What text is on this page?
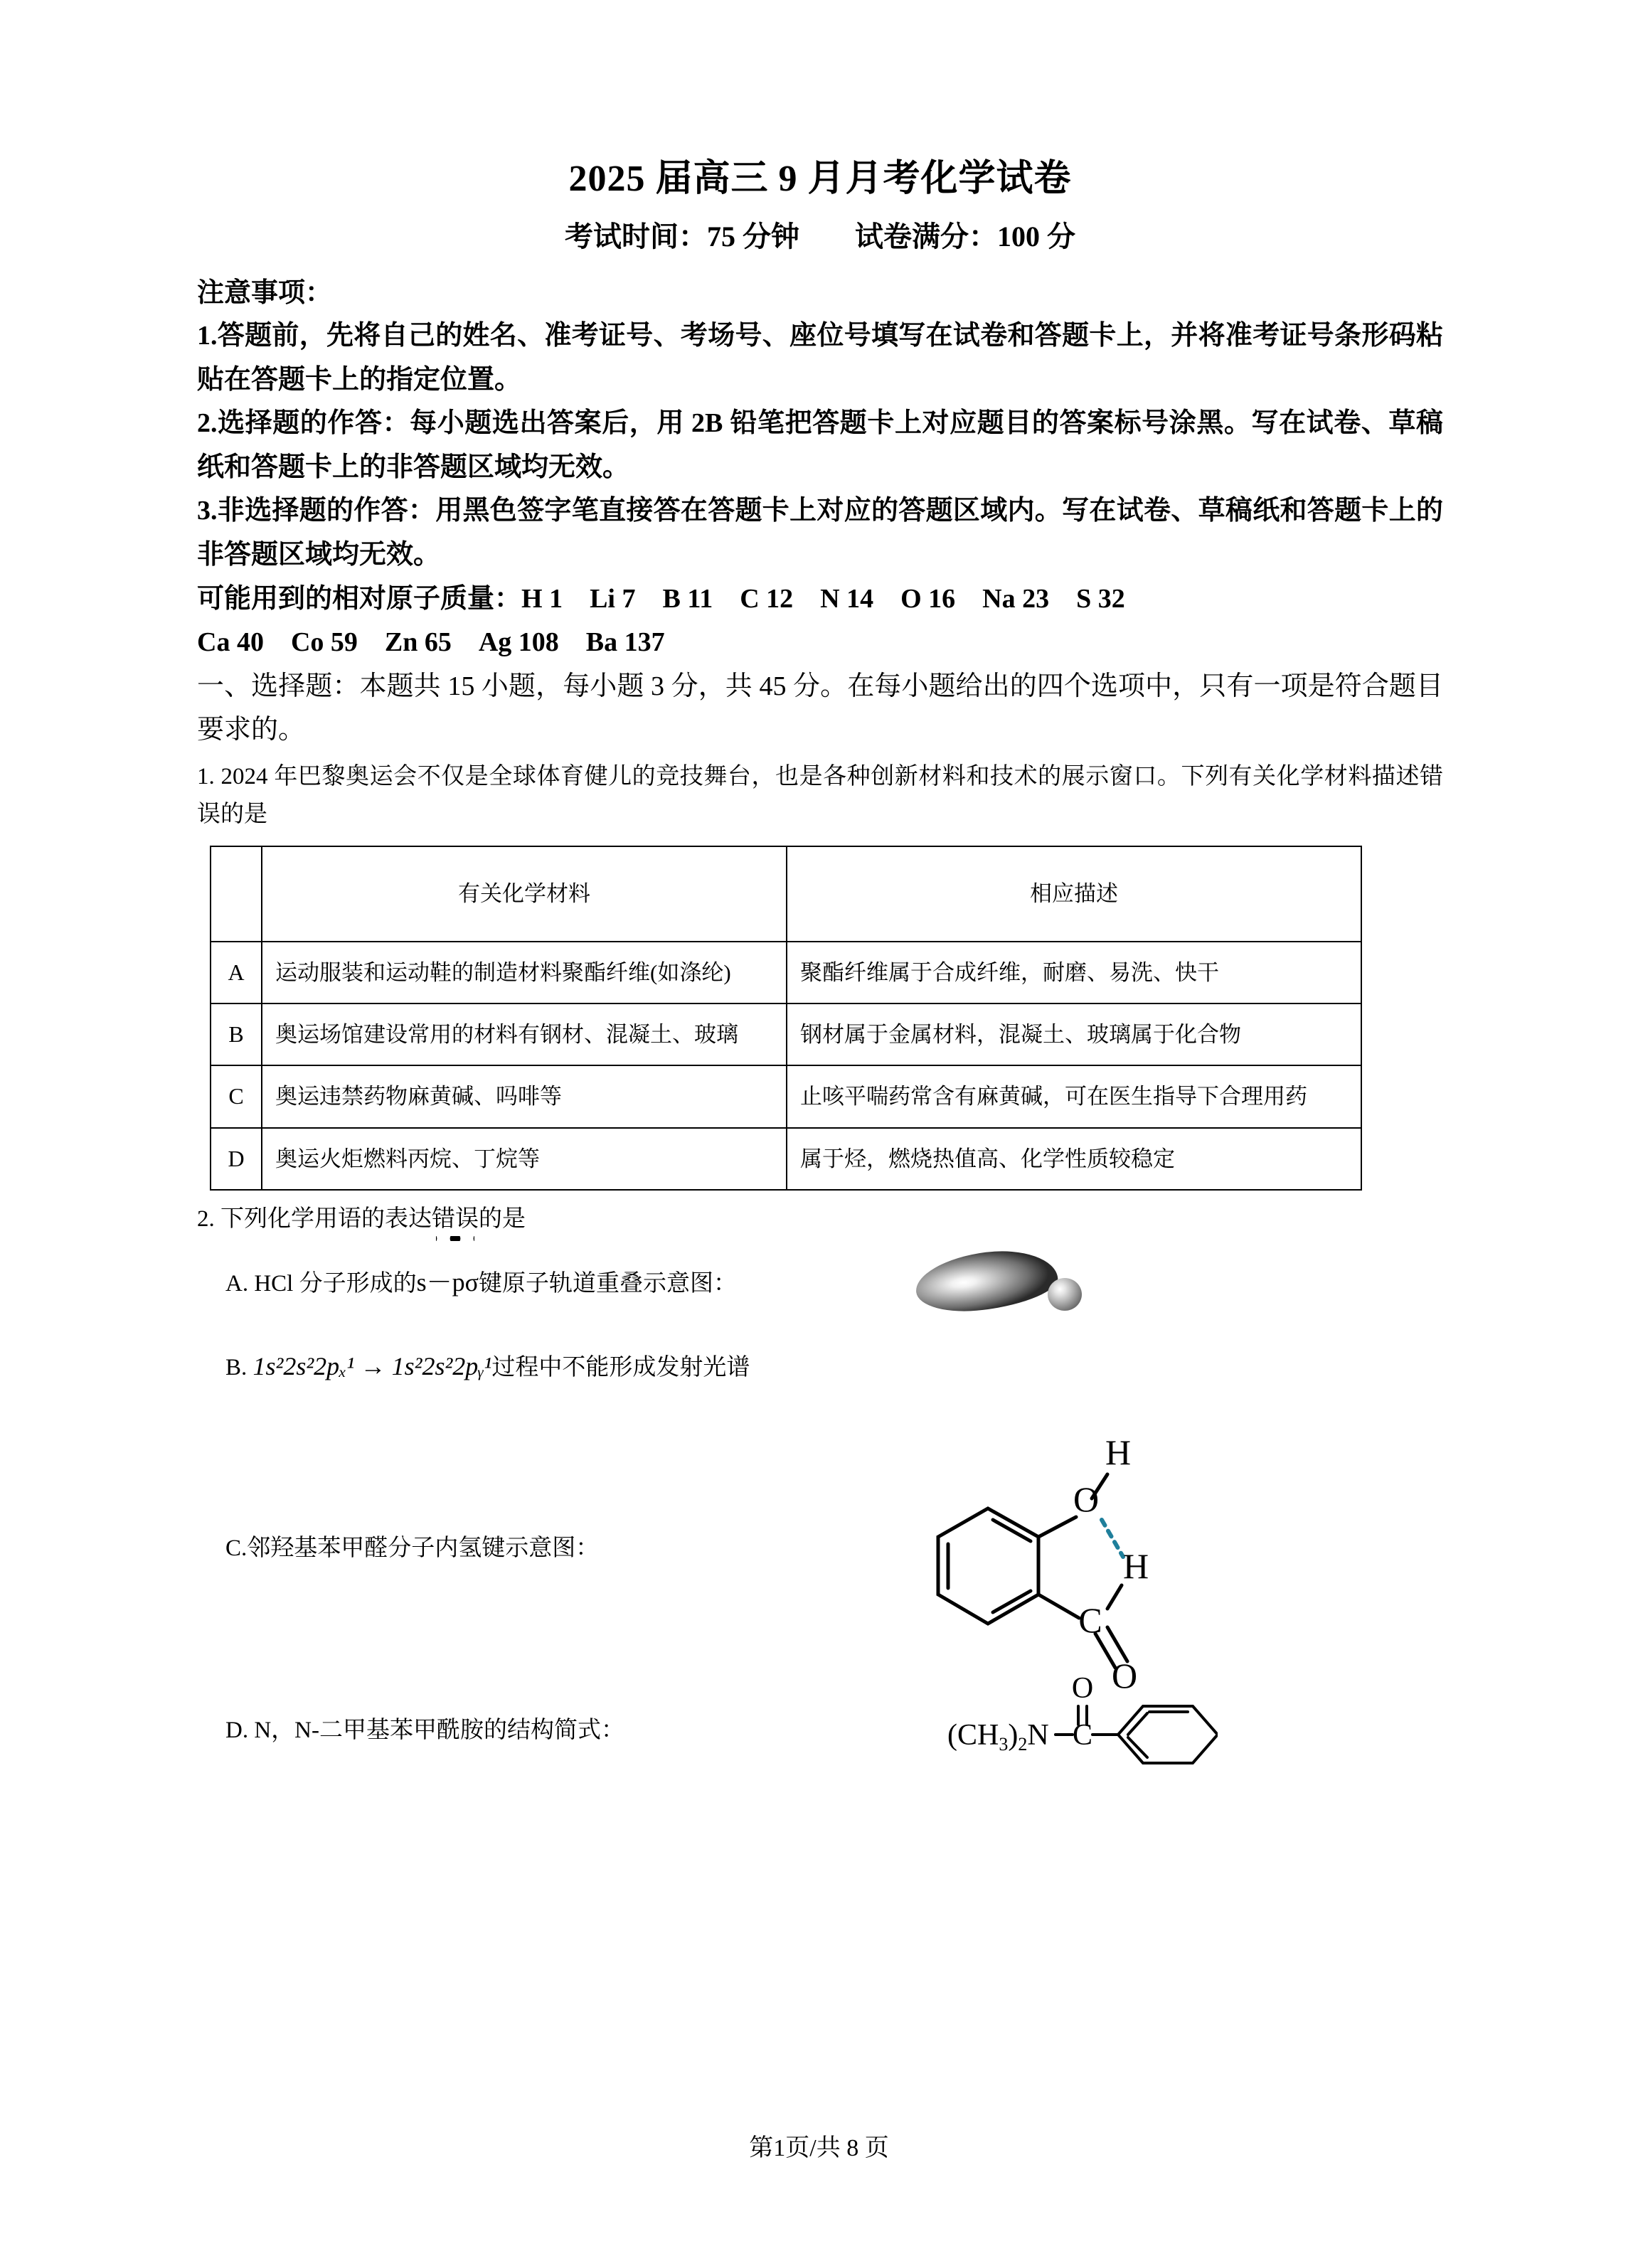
2025 届高三 9 月月考化学试卷
考试时间：75 分钟 试卷满分：100 分
注意事项：
1.答题前，先将自己的姓名、准考证号、考场号、座位号填写在试卷和答题卡上，并将准考证号条形码粘贴在答题卡上的指定位置。
2.选择题的作答：每小题选出答案后，用 2B 铅笔把答题卡上对应题目的答案标号涂黑。写在试卷、草稿纸和答题卡上的非答题区域均无效。
3.非选择题的作答：用黑色签字笔直接答在答题卡上对应的答题区域内。写在试卷、草稿纸和答题卡上的非答题区域均无效。
可能用到的相对原子质量：H 1　Li 7　B 11　C 12　N 14　O 16　Na 23　S 32
Ca 40　Co 59　Zn 65　Ag 108　Ba 137
一、选择题：本题共 15 小题，每小题 3 分，共 45 分。在每小题给出的四个选项中，只有一项是符合题目要求的。
1. 2024 年巴黎奥运会不仅是全球体育健儿的竞技舞台，也是各种创新材料和技术的展示窗口。下列有关化学材料描述错误的是
	有关化学材料	相应描述
A	运动服装和运动鞋的制造材料聚酯纤维(如涤纶)	聚酯纤维属于合成纤维，耐磨、易洗、快干
B	奥运场馆建设常用的材料有钢材、混凝土、玻璃	钢材属于金属材料，混凝土、玻璃属于化合物
C	奥运违禁药物麻黄碱、吗啡等	止咳平喘药常含有麻黄碱，可在医生指导下合理用药
D	奥运火炬燃料丙烷、丁烷等	属于烃，燃烧热值高、化学性质较稳定
2. 下列化学用语的表达错误的是
A. HCl 分子形成的s－pσ键原子轨道重叠示意图：
B. 1s²2s²2pₓ¹ → 1s²2s²2pᵧ¹过程中不能形成发射光谱
C.邻羟基苯甲醛分子内氢键示意图：
H
O
H
C
O
D. N，N-二甲基苯甲酰胺的结构简式：	(CH3)2N C
O
第1页/共 8 页
